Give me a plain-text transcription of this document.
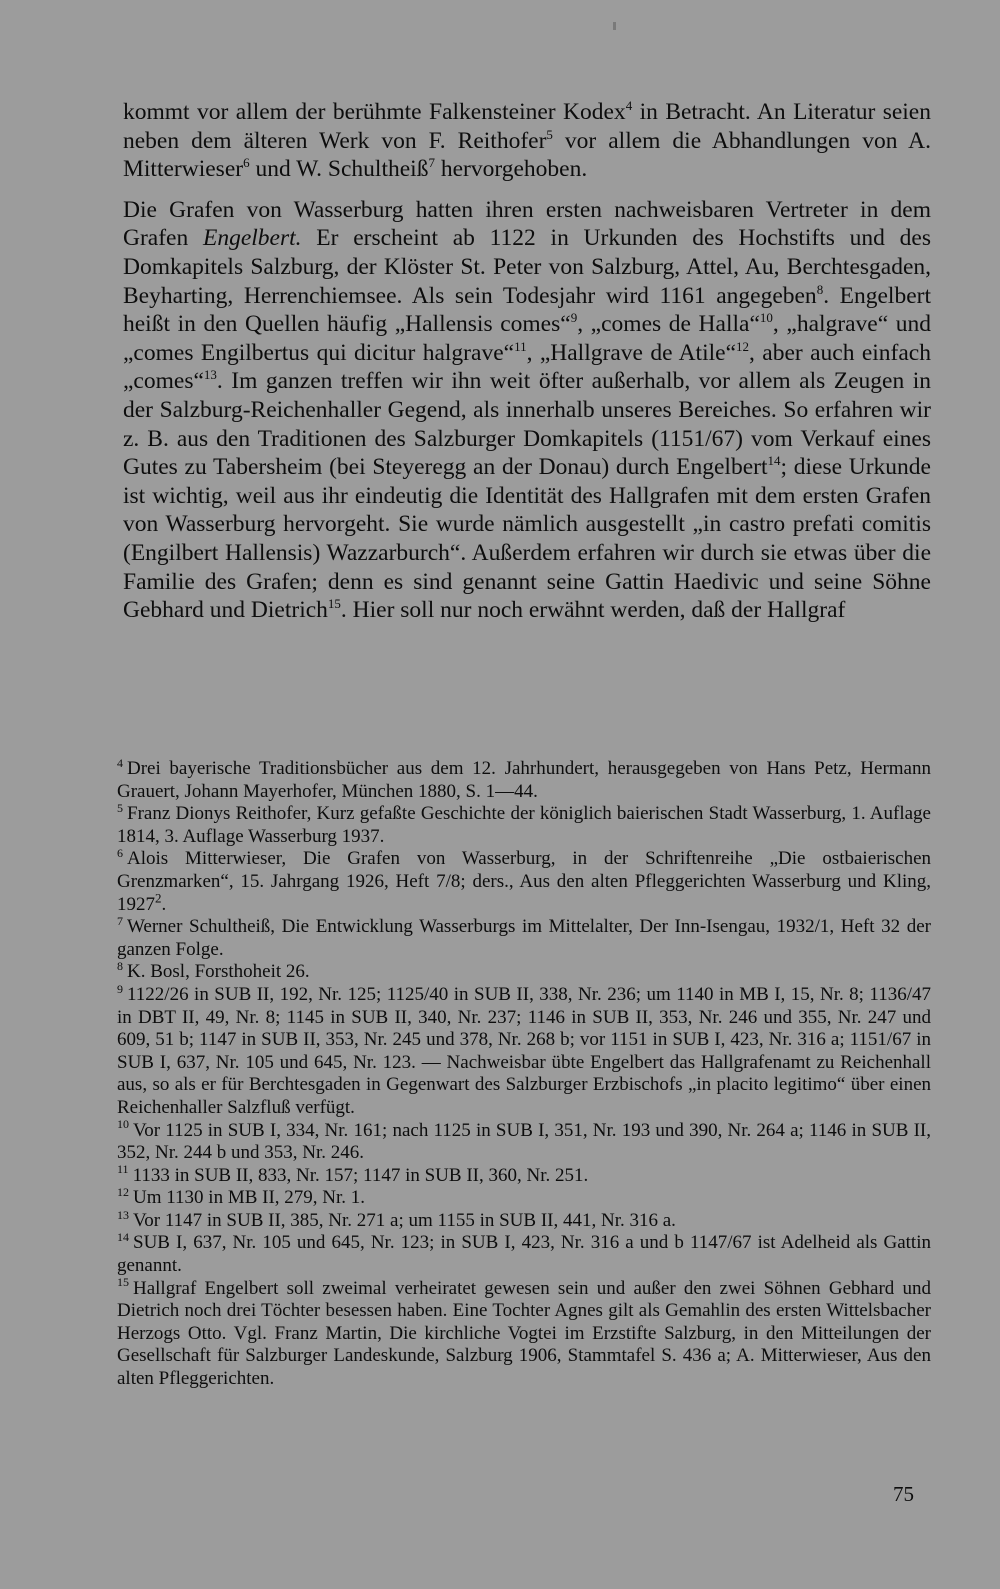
kommt vor allem der berühmte Falkensteiner Kodex$^4$ in Betracht. An Literatur seien neben dem älteren Werk von F. Reithofer$^5$ vor allem die Abhandlungen von A. Mitterwieser$^6$ und W. Schultheiß$^7$ hervorgehoben.

Die Grafen von Wasserburg hatten ihren ersten nachweisbaren Vertreter in dem Grafen Engelbert. Er erscheint ab 1122 in Urkunden des Hochstifts und des Domkapitels Salzburg, der Klöster St. Peter von Salzburg, Attel, Au, Berchtesgaden, Beyharting, Herrenchiemsee. Als sein Todesjahr wird 1161 angegeben$^8$. Engelbert heißt in den Quellen häufig „Hallensis comes“$^9$, „comes de Halla“$^{10}$, „halgrave“ und „comes Engilbertus qui dicitur halgrave“$^{11}$, „Hallgrave de Atile“$^{12}$, aber auch einfach „comes“$^{13}$. Im ganzen treffen wir ihn weit öfter außerhalb, vor allem als Zeugen in der Salzburg-Reichenhaller Gegend, als innerhalb unseres Bereiches. So erfahren wir z. B. aus den Traditionen des Salzburger Domkapitels (1151/67) vom Verkauf eines Gutes zu Tabersheim (bei Steyeregg an der Donau) durch Engelbert$^{14}$; diese Urkunde ist wichtig, weil aus ihr eindeutig die Identität des Hallgrafen mit dem ersten Grafen von Wasserburg hervorgeht. Sie wurde nämlich ausgestellt „in castro prefati comitis (Engilbert Hallensis) Wazzarburch“. Außerdem erfahren wir durch sie etwas über die Familie des Grafen; denn es sind genannt seine Gattin Haedivic und seine Söhne Gebhard und Dietrich$^{15}$. Hier soll nur noch erwähnt werden, daß der Hallgraf

$^4$ Drei bayerische Traditionsbücher aus dem 12. Jahrhundert, herausgegeben von Hans Petz, Hermann Grauert, Johann Mayerhofer, München 1880, S. 1—44.

$^5$ Franz Dionys Reithofer, Kurz gefaßte Geschichte der königlich baierischen Stadt Wasserburg, 1. Auflage 1814, 3. Auflage Wasserburg 1937.

$^6$ Alois Mitterwieser, Die Grafen von Wasserburg, in der Schriftenreihe „Die ostbaierischen Grenzmarken“, 15. Jahrgang 1926, Heft 7/8; ders., Aus den alten Pfleggerichten Wasserburg und Kling, 1927$^2$.

$^7$ Werner Schultheiß, Die Entwicklung Wasserburgs im Mittelalter, Der Inn-Isengau, 1932/1, Heft 32 der ganzen Folge.

$^8$ K. Bosl, Forsthoheit 26.

$^9$ 1122/26 in SUB II, 192, Nr. 125; 1125/40 in SUB II, 338, Nr. 236; um 1140 in MB I, 15, Nr. 8; 1136/47 in DBT II, 49, Nr. 8; 1145 in SUB II, 340, Nr. 237; 1146 in SUB II, 353, Nr. 246 und 355, Nr. 247 und 609, 51 b; 1147 in SUB II, 353, Nr. 245 und 378, Nr. 268 b; vor 1151 in SUB I, 423, Nr. 316 a; 1151/67 in SUB I, 637, Nr. 105 und 645, Nr. 123. — Nachweisbar übte Engelbert das Hallgrafenamt zu Reichenhall aus, so als er für Berchtesgaden in Gegenwart des Salzburger Erzbischofs „in placito legitimo“ über einen Reichenhaller Salzfluß verfügt.

$^{10}$ Vor 1125 in SUB I, 334, Nr. 161; nach 1125 in SUB I, 351, Nr. 193 und 390, Nr. 264 a; 1146 in SUB II, 352, Nr. 244 b und 353, Nr. 246.

$^{11}$ 1133 in SUB II, 833, Nr. 157; 1147 in SUB II, 360, Nr. 251.

$^{12}$ Um 1130 in MB II, 279, Nr. 1.

$^{13}$ Vor 1147 in SUB II, 385, Nr. 271 a; um 1155 in SUB II, 441, Nr. 316 a.

$^{14}$ SUB I, 637, Nr. 105 und 645, Nr. 123; in SUB I, 423, Nr. 316 a und b 1147/67 ist Adelheid als Gattin genannt.

$^{15}$ Hallgraf Engelbert soll zweimal verheiratet gewesen sein und außer den zwei Söhnen Gebhard und Dietrich noch drei Töchter besessen haben. Eine Tochter Agnes gilt als Gemahlin des ersten Wittelsbacher Herzogs Otto. Vgl. Franz Martin, Die kirchliche Vogtei im Erzstifte Salzburg, in den Mitteilungen der Gesellschaft für Salzburger Landeskunde, Salzburg 1906, Stammtafel S. 436 a; A. Mitterwieser, Aus den alten Pfleggerichten.

75
